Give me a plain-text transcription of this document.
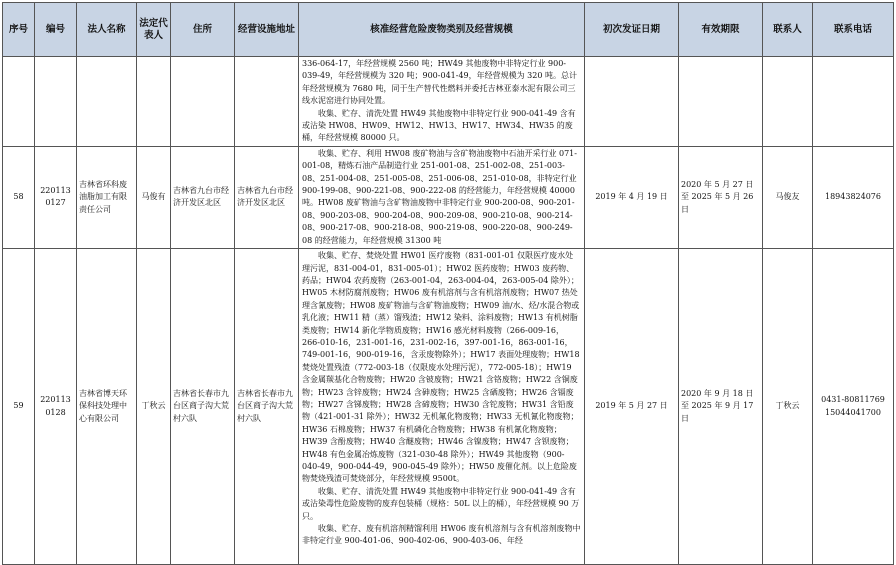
序号	编号	法人名称	法定代表人	住所	经营设施地址	核准经营危险废物类别及经营规模	初次发证日期	有效期限	联系人	联系电话

						336-064-17，年经营规模 2560 吨；HW49 其他废物中非特定行业 900-039-49，年经营规模为 320 吨；900-041-49，年经营规模为 320 吨。总计年经营规模为 7680 吨，同于生产替代性燃料并委托吉林亚泰水泥有限公司三线水泥窑进行协同处置。
收集、贮存、清洗处置 HW49 其他废物中非特定行业 900-041-49 含有或沾染 HW08、HW09、HW12、HW13、HW17、HW34、HW35 的废桶，年经营规模 80000 只。				

58	220113 0127	吉林省环科废油脂加工有限责任公司	马俊有	吉林省九台市经济开发区北区	吉林省九台市经济开发区北区	收集、贮存、利用 HW08 废矿物油与含矿物油废物中石油开采行业 071-001-08，精炼石油产品制造行业 251-001-08、251-002-08、251-003-08、251-004-08、251-005-08、251-006-08、251-010-08，非特定行业 900-199-08、900-221-08、900-222-08 的经营能力，年经营规模 40000 吨。HW08 废矿物油与含矿物油废物中非特定行业 900-200-08、900-201-08、900-203-08、900-204-08、900-209-08、900-210-08、900-214-08、900-217-08、900-218-08、900-219-08、900-220-08、900-249-08 的经营能力，年经营规模 31300 吨	2019 年 4 月 19 日	2020 年 5 月 27 日至 2025 年 5 月 26 日	马俊友	18943824076
59	220113 0128	吉林省博天环保科技处理中心有限公司	丁秋云	吉林省长春市九台区商子沟大荒村六队	吉林省长春市九台区商子沟大荒村六队	收集、贮存、焚烧处置 HW01 医疗废物（831-001-01 仅限医疗废水处理污泥，831-004-01，831-005-01）；HW02 医药废物；HW03 废药物、药品；HW04 农药废物（263-001-04，263-004-04，263-005-04 除外）；HW05 木材防腐剂废物；HW06 废有机溶剂与含有机溶剂废物；HW07 热处理含氰废物；HW08 废矿物油与含矿物油废物；HW09 油/水、烃/水混合物或乳化液；HW11 精（蒸）馏残渣；HW12 染料、涂料废物；HW13 有机树脂类废物；HW14 新化学物质废物；HW16 感光材料废物（266-009-16，266-010-16，231-001-16，231-002-16，397-001-16，863-001-16，749-001-16，900-019-16，含汞废物除外）；HW17 表面处理废物；HW18 焚烧处置残渣（772-003-18（仅限废水处理污泥），772-005-18）；HW19 含金属羰基化合物废物；HW20 含铍废物；HW21 含铬废物；HW22 含铜废物；HW23 含锌废物；HW24 含砷废物；HW25 含硒废物；HW26 含镉废物；HW27 含锑废物；HW28 含碲废物；HW30 含铊废物；HW31 含铅废物（421-001-31 除外）；HW32 无机氟化物废物；HW33 无机氰化物废物；HW36 石棉废物；HW37 有机磷化合物废物；HW38 有机氰化物废物；HW39 含酚废物；HW40 含醚废物；HW46 含镍废物；HW47 含钡废物；HW48 有色金属冶炼废物（321-030-48 除外）；HW49 其他废物（900-040-49，900-044-49，900-045-49 除外）；HW50 废催化剂。以上危险废物焚烧残渣可焚烧部分，年经营规模 9500t。
收集、贮存、清洗处置 HW49 其他废物中非特定行业 900-041-49 含有或沾染毒性危险废物的废弃包装桶（规格：50L 以上的桶），年经营规模 90 万只。
收集、贮存、废有机溶剂精馏利用 HW06 废有机溶剂与含有机溶剂废物中非特定行业 900-401-06、900-402-06、900-403-06、年经	2019 年 5 月 27 日	2020 年 9 月 18 日至 2025 年 9 月 17 日	丁秋云	0431-80811769 15044041700
